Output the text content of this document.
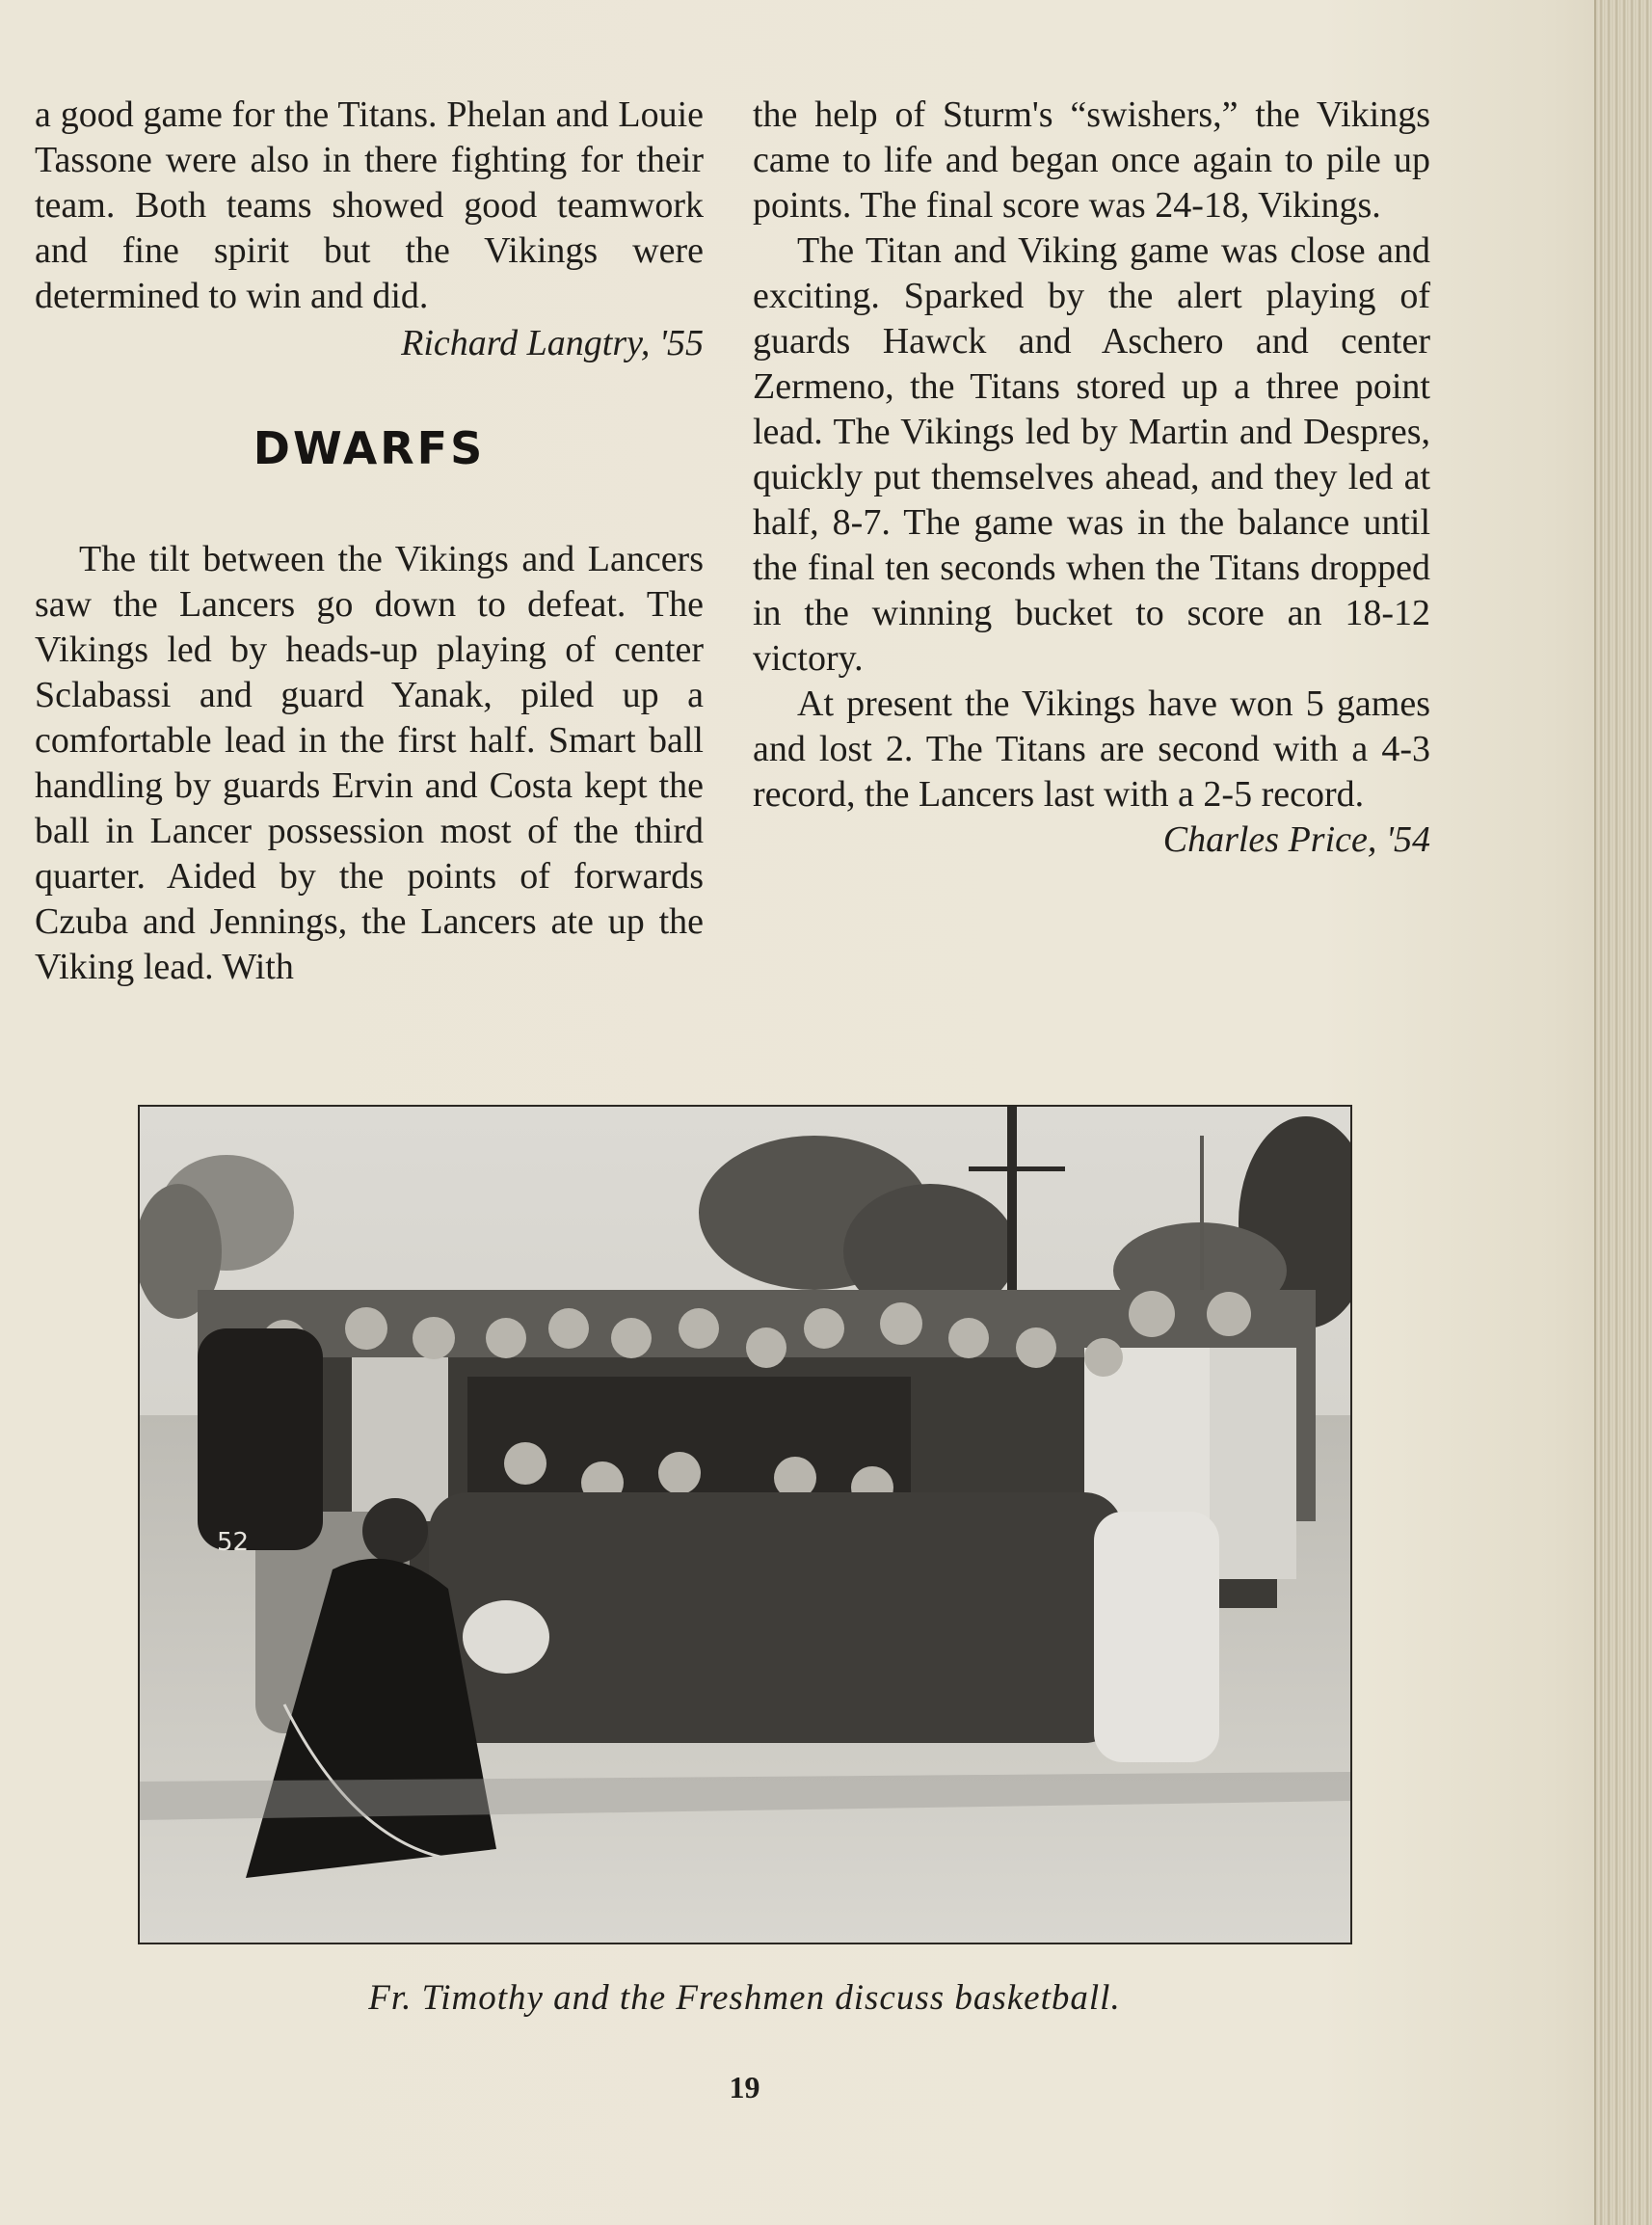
a good game for the Titans. Phelan and Louie Tassone were also in there fighting for their team. Both teams showed good teamwork and fine spirit but the Vikings were determined to win and did.

Richard Langtry, '55

DWARFS

The tilt between the Vikings and Lancers saw the Lancers go down to defeat. The Vikings led by heads-up playing of center Sclabassi and guard Yanak, piled up a comfortable lead in the first half. Smart ball handling by guards Ervin and Costa kept the ball in Lancer possession most of the third quarter. Aided by the points of forwards Czuba and Jennings, the Lancers ate up the Viking lead. With

the help of Sturm's “swishers,” the Vikings came to life and began once again to pile up points. The final score was 24-18, Vikings.

The Titan and Viking game was close and exciting. Sparked by the alert playing of guards Hawck and Aschero and center Zermeno, the Titans stored up a three point lead. The Vikings led by Martin and Despres, quickly put themselves ahead, and they led at half, 8-7. The game was in the balance until the final ten seconds when the Titans dropped in the winning bucket to score an 18-12 victory.

At present the Vikings have won 5 games and lost 2. The Titans are second with a 4-3 record, the Lancers last with a 2-5 record.

Charles Price, '54

52
Fr. Timothy and the Freshmen discuss basketball.
19
